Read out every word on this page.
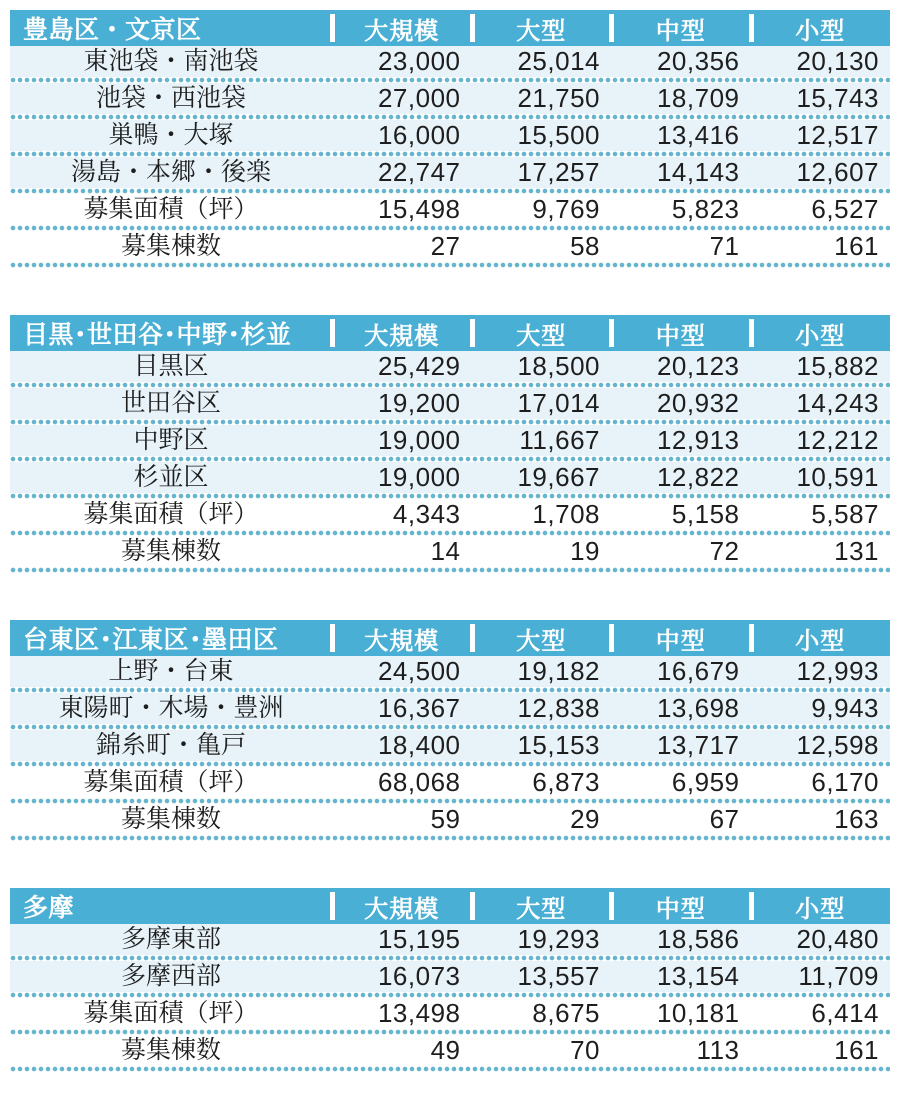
豊島区・文京区	大規模	大型	中型	小型
東池袋・南池袋	23,000	25,014	20,356	20,130
池袋・西池袋	27,000	21,750	18,709	15,743
巣鴨・大塚	16,000	15,500	13,416	12,517
湯島・本郷・後楽	22,747	17,257	14,143	12,607
募集面積（坪）	15,498	9,769	5,823	6,527
募集棟数	27	58	71	161
目黒･世田谷･中野･杉並	大規模	大型	中型	小型
目黒区	25,429	18,500	20,123	15,882
世田谷区	19,200	17,014	20,932	14,243
中野区	19,000	11,667	12,913	12,212
杉並区	19,000	19,667	12,822	10,591
募集面積（坪）	4,343	1,708	5,158	5,587
募集棟数	14	19	72	131
台東区･江東区･墨田区	大規模	大型	中型	小型
上野・台東	24,500	19,182	16,679	12,993
東陽町・木場・豊洲	16,367	12,838	13,698	9,943
錦糸町・亀戸	18,400	15,153	13,717	12,598
募集面積（坪）	68,068	6,873	6,959	6,170
募集棟数	59	29	67	163
多摩	大規模	大型	中型	小型
多摩東部	15,195	19,293	18,586	20,480
多摩西部	16,073	13,557	13,154	11,709
募集面積（坪）	13,498	8,675	10,181	6,414
募集棟数	49	70	113	161
